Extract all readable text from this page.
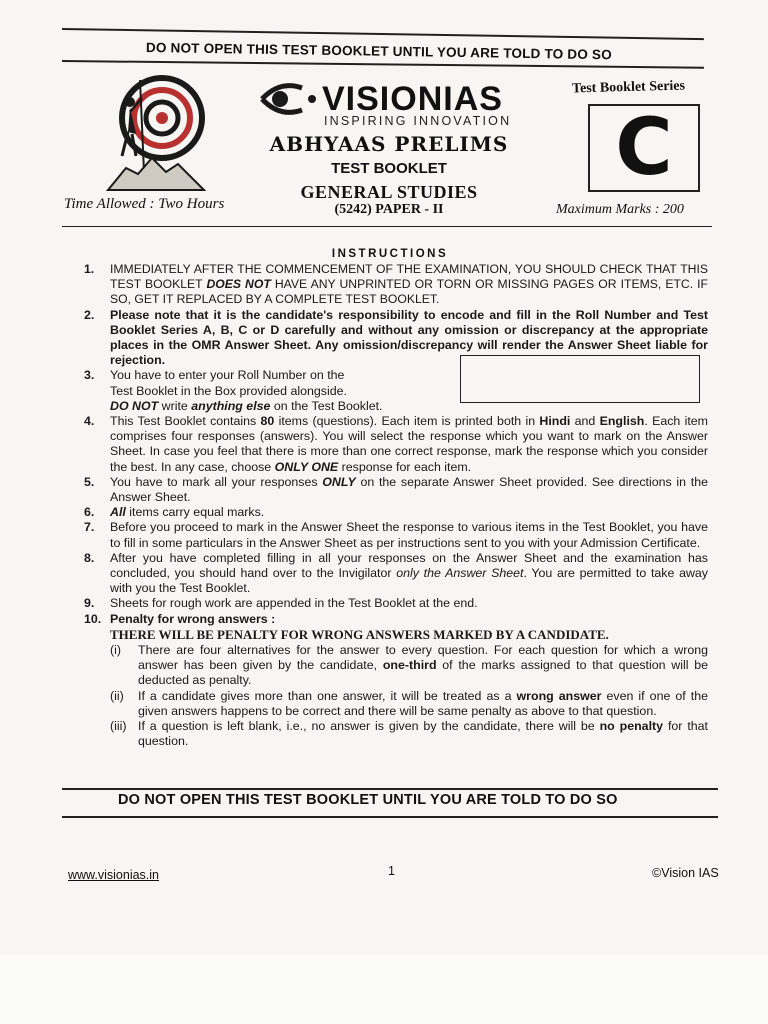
DO NOT OPEN THIS TEST BOOKLET UNTIL YOU ARE TOLD TO DO SO
VISIONIAS
INSPIRING INNOVATION
ABHYAAS PRELIMS
TEST BOOKLET
GENERAL STUDIES
(5242) PAPER - II
Test Booklet Series
C
Time Allowed : Two Hours	Maximum Marks : 200
INSTRUCTIONS
1. IMMEDIATELY AFTER THE COMMENCEMENT OF THE EXAMINATION, YOU SHOULD CHECK THAT THIS TEST BOOKLET DOES NOT HAVE ANY UNPRINTED OR TORN OR MISSING PAGES OR ITEMS, ETC. IF SO, GET IT REPLACED BY A COMPLETE TEST BOOKLET.
2. Please note that it is the candidate's responsibility to encode and fill in the Roll Number and Test Booklet Series A, B, C or D carefully and without any omission or discrepancy at the appropriate places in the OMR Answer Sheet. Any omission/discrepancy will render the Answer Sheet liable for rejection.
3. You have to enter your Roll Number on the
Test Booklet in the Box provided alongside.
DO NOT write anything else on the Test Booklet.
4. This Test Booklet contains 80 items (questions). Each item is printed both in Hindi and English. Each item comprises four responses (answers). You will select the response which you want to mark on the Answer Sheet. In case you feel that there is more than one correct response, mark the response which you consider the best. In any case, choose ONLY ONE response for each item.
5. You have to mark all your responses ONLY on the separate Answer Sheet provided. See directions in the Answer Sheet.
6. All items carry equal marks.
7. Before you proceed to mark in the Answer Sheet the response to various items in the Test Booklet, you have to fill in some particulars in the Answer Sheet as per instructions sent to you with your Admission Certificate.
8. After you have completed filling in all your responses on the Answer Sheet and the examination has concluded, you should hand over to the Invigilator only the Answer Sheet. You are permitted to take away with you the Test Booklet.
9. Sheets for rough work are appended in the Test Booklet at the end.
10. Penalty for wrong answers :
THERE WILL BE PENALTY FOR WRONG ANSWERS MARKED BY A CANDIDATE.
(i) There are four alternatives for the answer to every question. For each question for which a wrong answer has been given by the candidate, one-third of the marks assigned to that question will be deducted as penalty.
(ii) If a candidate gives more than one answer, it will be treated as a wrong answer even if one of the given answers happens to be correct and there will be same penalty as above to that question.
(iii) If a question is left blank, i.e., no answer is given by the candidate, there will be no penalty for that question.
DO NOT OPEN THIS TEST BOOKLET UNTIL YOU ARE TOLD TO DO SO
www.visionias.in	1	©Vision IAS
